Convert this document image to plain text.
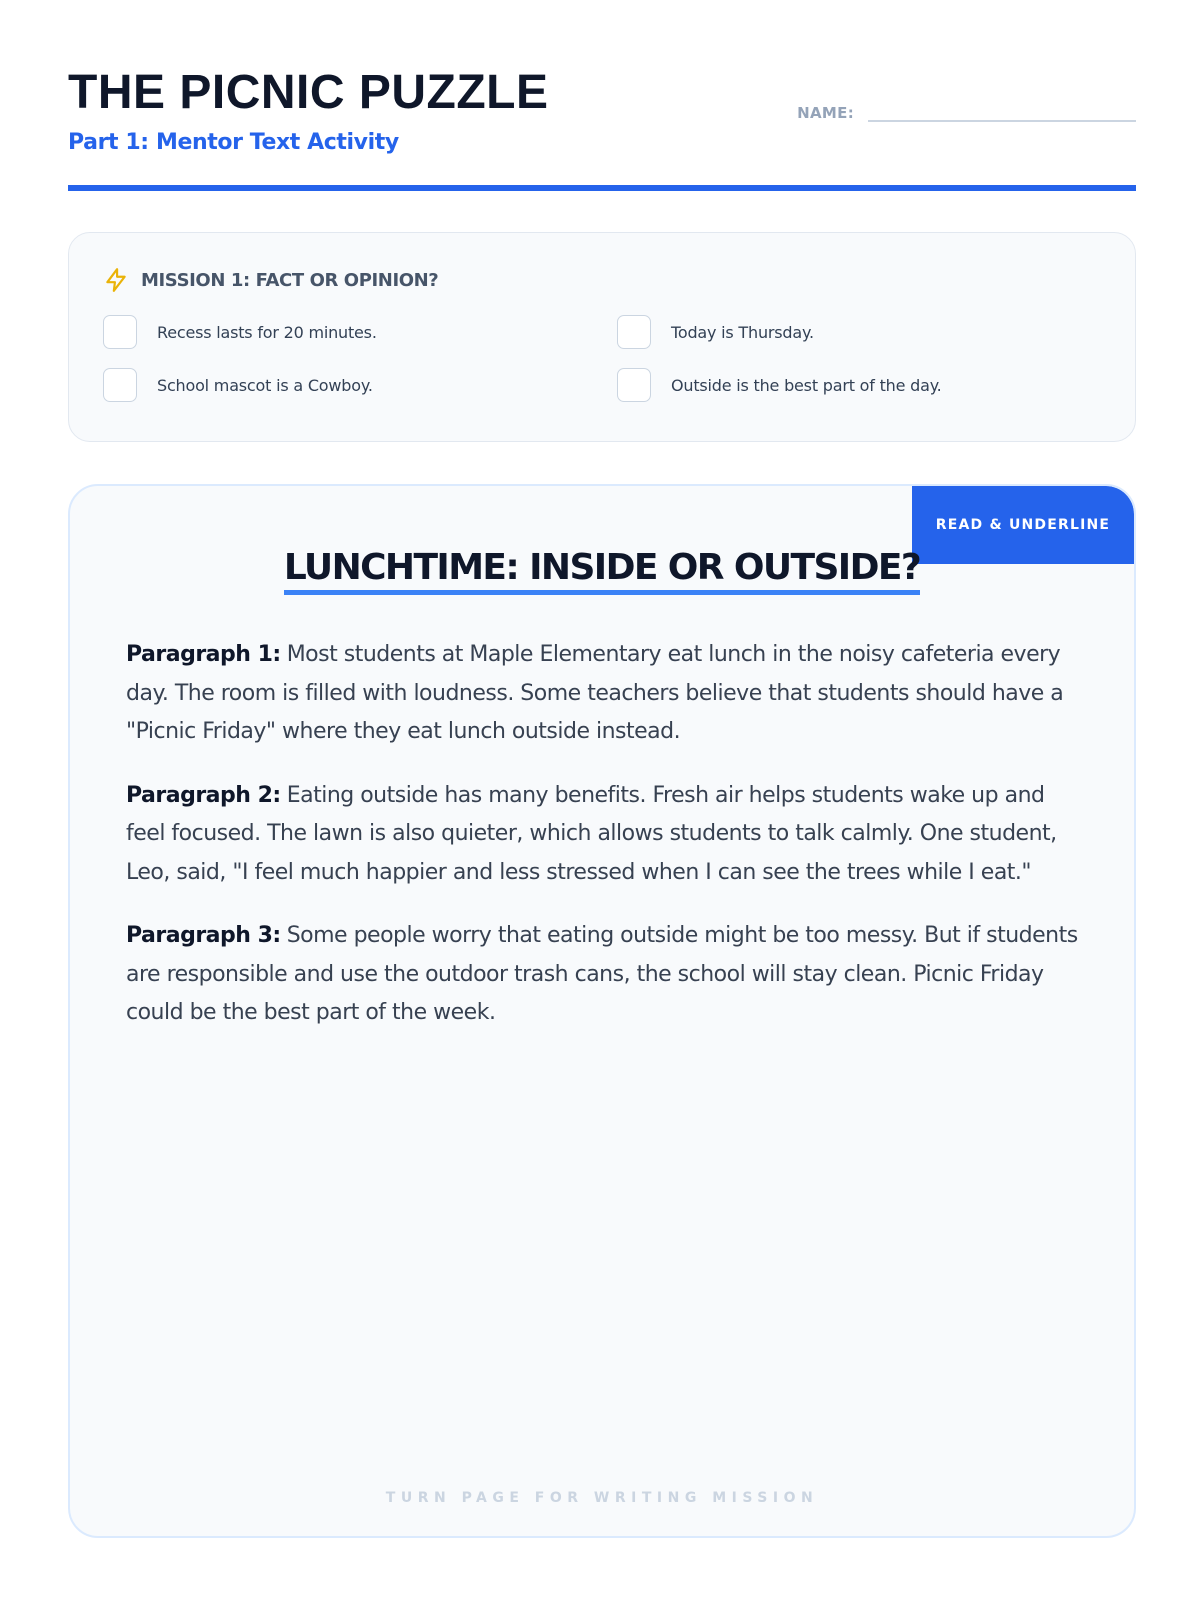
THE PICNIC PUZZLE
Part 1: Mentor Text Activity
NAME:
MISSION 1: FACT OR OPINION?
Recess lasts for 20 minutes.	Today is Thursday.
School mascot is a Cowboy.	Outside is the best part of the day.
READ & UNDERLINE
LUNCHTIME: INSIDE OR OUTSIDE?

Paragraph 1: Most students at Maple Elementary eat lunch in the noisy cafeteria every day. The room is filled with loudness. Some teachers believe that students should have a "Picnic Friday" where they eat lunch outside instead.

Paragraph 2: Eating outside has many benefits. Fresh air helps students wake up and feel focused. The lawn is also quieter, which allows students to talk calmly. One student, Leo, said, "I feel much happier and less stressed when I can see the trees while I eat."

Paragraph 3: Some people worry that eating outside might be too messy. But if students are responsible and use the outdoor trash cans, the school will stay clean. Picnic Friday could be the best part of the week.

TURN PAGE FOR WRITING MISSION
